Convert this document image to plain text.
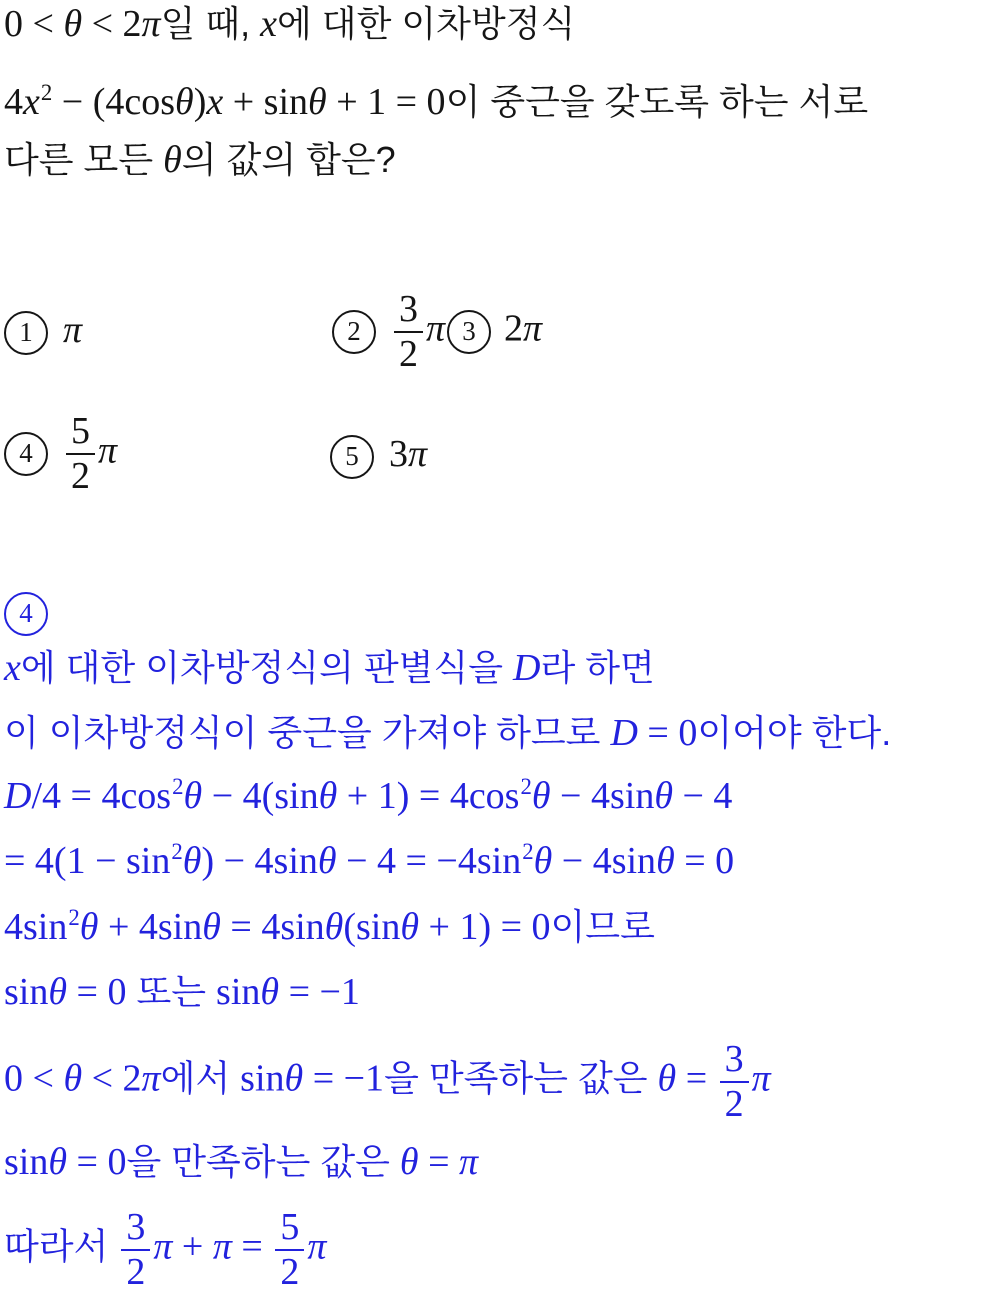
0 < θ < 2π일 때, x에 대한 이차방정식
$4x^2 - (4\cos\theta)x + \sin\theta + 1 = 0$이 중근을 갖도록 하는 서로
다른 모든 θ의 값의 합은?
1 π	$2 \frac{3}{2}$ π 3 2π
$4 \frac{5}{2}$ π	5 3π
4
x에 대한 이차방정식의 판별식을 D라 하면
이 이차방정식이 중근을 가져야 하므로 D = 0이어야 한다.
$D/4 = 4\cos^2\theta - 4(\sin\theta + 1) = 4\cos^2\theta - 4\sin\theta - 4$
= $4(1 - \sin^2\theta) - 4\sin\theta - 4 = -4\sin^2\theta - 4\sin\theta = 0$
$4\sin^2\theta + 4\sin\theta = 4\sin\theta(\sin\theta + 1) = 0$이므로
sinθ = 0 또는 sinθ = −1
0 < θ < 2π에서 sinθ = −1을 만족하는 값은 $\theta = \frac{3}{2}$ π
sinθ = 0을 만족하는 값은 θ = π
따라서 $\frac{3}{2}$ $\pi + \pi = \frac{5}{2}$ π
